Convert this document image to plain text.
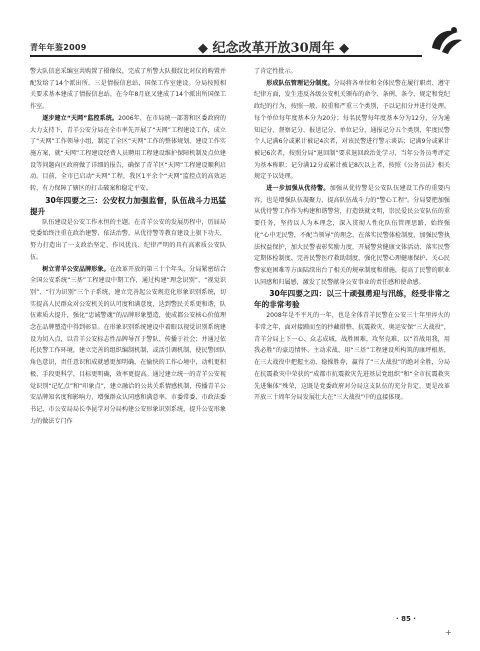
青年年鉴2009	◆ 纪念改革开放30周年 ◆

警大队信息采编室共购置了摄像仪，完成了所警大队摄纹比对仪的购置并配发给了14个派出所。三是情报信息站、国保工作室建设。分局按照相关要求基本建成了情报信息站，在今年8月底又建成了14个派出所国保工作室。

逐步建立“天网”监控系统。2006年，在市局统一部署和区委政府的大力支持下，青羊公安分局在全市率先开展了“天网”工程建设工作，成立了“天网”工作领导小组，制定了全区“天网”工作的整体规划、建设工作实施方案，就“天网”工程建设经费人员聘用工程建设维护保障机制及点位建设等问题向区政府做了详细的报告，确保了青羊区“天网”工程建设顺利启动。目前，全市已启动“天网”工程，我区1平余个“天网”监控点的高效运转，有力保障了辖区的打击破案和稳定平安。

30年四要之三：公安权力加强监督，队伍战斗力迅猛提升

队伍建设是公安工作永恒的主题。在青羊公安的发展历程中，历届局党委始终注重在政治建警、依法治警，从优待警等教育建设上狠下功夫，努力打造出了一支政治坚定、作风优良、纪律严明的具有高素质公安队伍。

树立青羊公安品牌形象。在改革开放的第三十个年头，分局紧密结合全国公安系统“三基”工程建设中期工作，通过构建“理念识别”、“视觉识别”、“行为识别”三个子系统，建立完善起公安规范化形象识别系统，切实提高人民群众对公安机关的认可度和满意度，达到警民关系更和谐，队伍素质大提升，强化“忠诚警魂”的品牌形象塑造，使成都公安核心价值理念在品牌塑造中得到彰显。在形象识别系统建设中着眼以视觉识别系统建设为切入点，以青羊公安标志性品牌导召于警队、传播于社会；并通过依托民警工作环境，建立完善的组织编制机制，或活引调机制，使民警团队角色意识，责任意识和成就感更加明确，在愉快的工作心境中，动机更积极、手段更科学，目标更明确，效率更提高。通过建立统一的青羊公安视觉识别“记忆点”和“印象点”，建立融洽的公共关系情感机制，传播青羊公安品牌知名度和影响力，增强群众认同感和满意率。市委常委、市政法委书记、市公安局局长李昆学对分局构建公安形象识别系统，提升公安形象力的做法专门作

了肯定性批示。

形成队伍管理记分制度。分局将各单位和全体民警在履行职责、遵守纪律方面，发生违反各级公安机关颁布的命令、条例、条令、规定和党纪政纪的行为，按照一般、较重和严重三个类别，予以记扣分并进行处理。每个单位每年度基本分为20分；每名民警每年度基本分为12分，分为通知记分、督察记分、报送记分、单位记分、通报记分五个类别，年度民警个人记满6分或累计被记4次者，对该民警进行警示谈话；记满9分或累计被记6次者，按照分局“退回制”要求退回政治处学习，当年公务员考评定为基本称职；记分满12分或累计被记8次以上者，按照《公务员法》相关规定予以处理。

进一步加强从优待警。加强从优待警是公安队伍建设工作的重要内容，也是增强队伍凝聚力、提高队伍战斗力的“警心工程”。分局要把加强从优待警工作作为构建和谐警营，打造铁就文明，崇民爱民公安队伍的重要任务，坚持以人为本理念，深入贯彻人性化队伍管理思路，始终强化“心中无民警，不配当领导”的理念，在落实民警体检制度，加强民警执法权益保护，加大民警表彰奖励力度，开展警营健康文体活动、落实民警定期体检制度、完善民警医疗救助制度、强化民警心理健康保护、关心民警家庭困难等方面陆续出台了相关的规章制度和措施，提高了民警的职业认同感和归属感，激发了民警献身公安事业的责任感和使命感。

30年四要之四：以三十顽强勇迎与汛练，经受非常之年的非常考验

2008年是不平凡的一年，也是全体青羊民警在公安三十年里淬火的非常之年，面对接踵而至的抄藏措整、抗震救灾、奥运安保“三大战役”，青羊分局上下一心、众志成城，战胜困难，攻坚克难，以“首战用我，用我必胜”的豪迈情怀、主动求战、用“三基”工程建设所构筑的康坪根基，在三大战役中把握主动、稳操胜券，赢得了“三大战役”的绝对全胜，分局在抗震救灾中荣获的“成都市抗震救灾先进基层党组织”和“全市抗震救灾先进集体”殊荣，这既是党委政府对分局这支队伍的充分肯定，更是改革开放三十周年分局发展壮大在“三大战役”中的直接体现。

· 85 ·
+
